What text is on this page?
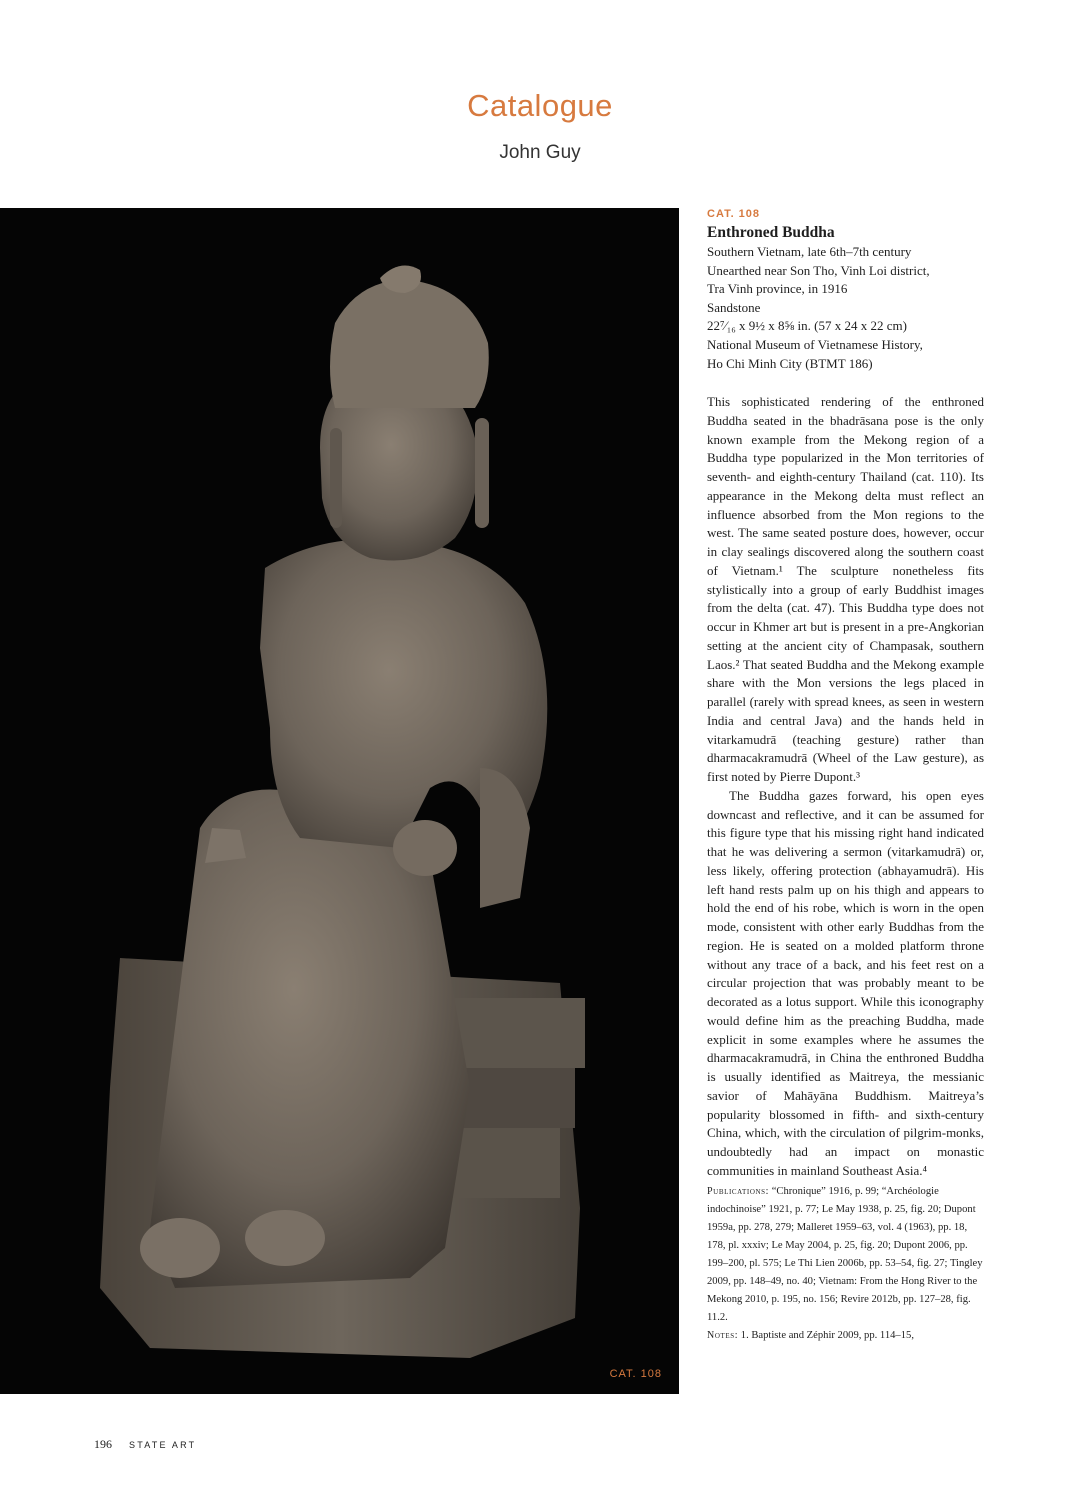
Catalogue
John Guy
CAT. 108
CAT. 108
Enthroned Buddha
Southern Vietnam, late 6th–7th century
Unearthed near Son Tho, Vinh Loi district,
Tra Vinh province, in 1916
Sandstone
22⁷⁄₁₆ x 9½ x 8⅝ in. (57 x 24 x 22 cm)
National Museum of Vietnamese History,
Ho Chi Minh City (BTMT 186)

This sophisticated rendering of the enthroned Buddha seated in the bhadrāsana pose is the only known example from the Mekong region of a Buddha type popularized in the Mon territories of seventh- and eighth-century Thailand (cat. 110). Its appearance in the Mekong delta must reflect an influence absorbed from the Mon regions to the west. The same seated posture does, however, occur in clay sealings discovered along the southern coast of Vietnam.¹ The sculpture nonetheless fits stylistically into a group of early Buddhist images from the delta (cat. 47). This Buddha type does not occur in Khmer art but is present in a pre-Angkorian setting at the ancient city of Champasak, southern Laos.² That seated Buddha and the Mekong example share with the Mon versions the legs placed in parallel (rarely with spread knees, as seen in western India and central Java) and the hands held in vitarkamudrā (teaching gesture) rather than dharmacakramudrā (Wheel of the Law gesture), as first noted by Pierre Dupont.³

The Buddha gazes forward, his open eyes downcast and reflective, and it can be assumed for this figure type that his missing right hand indicated that he was delivering a sermon (vitarkamudrā) or, less likely, offering protection (abhayamudrā). His left hand rests palm up on his thigh and appears to hold the end of his robe, which is worn in the open mode, consistent with other early Buddhas from the region. He is seated on a molded platform throne without any trace of a back, and his feet rest on a circular projection that was probably meant to be decorated as a lotus support. While this iconography would define him as the preaching Buddha, made explicit in some examples where he assumes the dharmacakramudrā, in China the enthroned Buddha is usually identified as Maitreya, the messianic savior of Mahāyāna Buddhism. Maitreya’s popularity blossomed in fifth- and sixth-century China, which, with the circulation of pilgrim-monks, undoubtedly had an impact on monastic communities in mainland Southeast Asia.⁴

Publications: “Chronique” 1916, p. 99; “Archéologie indochinoise” 1921, p. 77; Le May 1938, p. 25, fig. 20; Dupont 1959a, pp. 278, 279; Malleret 1959–63, vol. 4 (1963), pp. 18, 178, pl. xxxiv; Le May 2004, p. 25, fig. 20; Dupont 2006, pp. 199–200, pl. 575; Le Thi Lien 2006b, pp. 53–54, fig. 27; Tingley 2009, pp. 148–49, no. 40; Vietnam: From the Hong River to the Mekong 2010, p. 195, no. 156; Revire 2012b, pp. 127–28, fig. 11.2.
Notes: 1. Baptiste and Zéphir 2009, pp. 114–15,
196 STATE ART
